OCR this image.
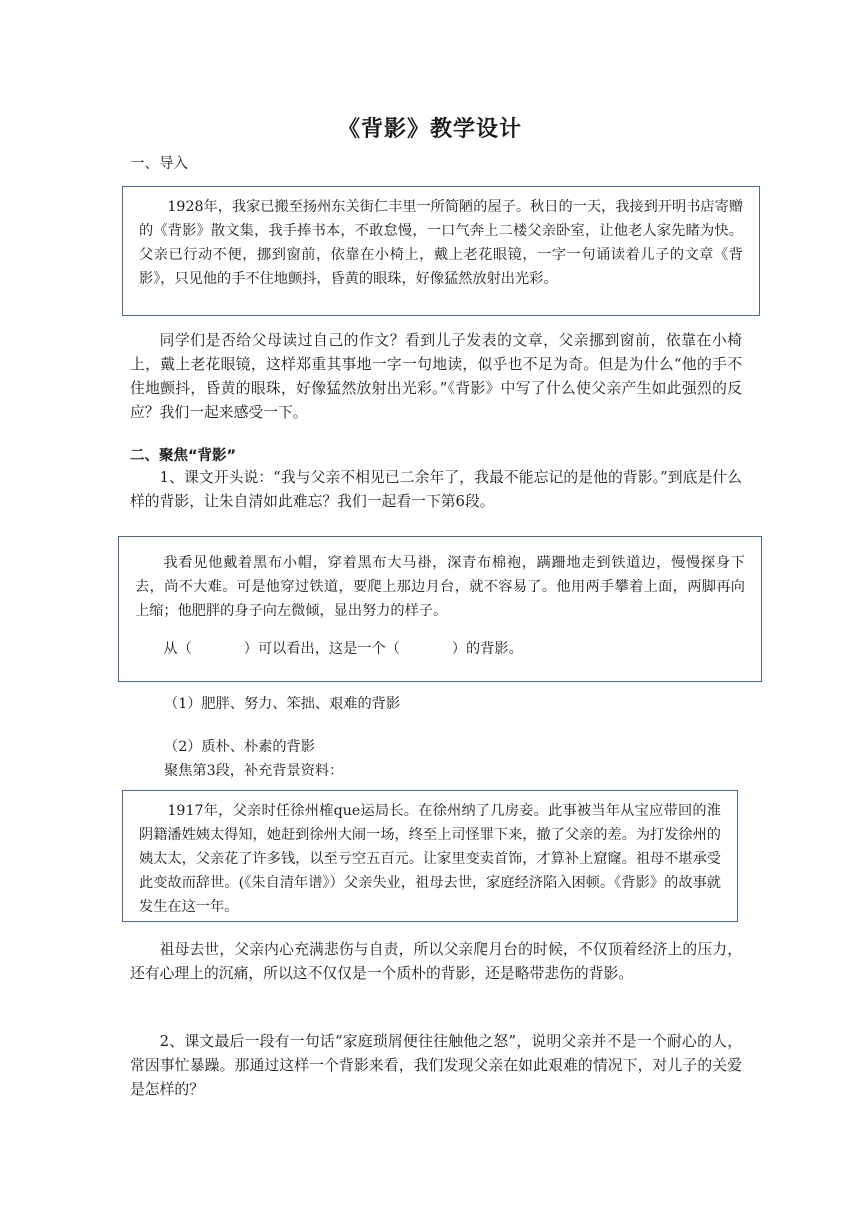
《背影》教学设计
一、导入

1928年，我家已搬至扬州东关街仁丰里一所简陋的屋子。秋日的一天，我接到开明书店寄赠的《背影》散文集，我手捧书本，不敢怠慢，一口气奔上二楼父亲卧室，让他老人家先睹为快。父亲已行动不便，挪到窗前，依靠在小椅上，戴上老花眼镜，一字一句诵读着儿子的文章《背影》，只见他的手不住地颤抖，昏黄的眼珠，好像猛然放射出光彩。

同学们是否给父母读过自己的作文？看到儿子发表的文章，父亲挪到窗前，依靠在小椅上，戴上老花眼镜，这样郑重其事地一字一句地读，似乎也不足为奇。但是为什么“他的手不住地颤抖，昏黄的眼珠，好像猛然放射出光彩。”《背影》中写了什么使父亲产生如此强烈的反应？我们一起来感受一下。

二、聚焦“背影”

1、课文开头说：“我与父亲不相见已二余年了，我最不能忘记的是他的背影。”到底是什么样的背影，让朱自清如此难忘？我们一起看一下第6段。

我看见他戴着黑布小帽，穿着黑布大马褂，深青布棉袍，蹒跚地走到铁道边，慢慢探身下去，尚不大难。可是他穿过铁道，要爬上那边月台，就不容易了。他用两手攀着上面，两脚再向上缩；他肥胖的身子向左微倾，显出努力的样子。

从（	）可以看出，这是一个（	）的背影。

（1）肥胖、努力、笨拙、艰难的背影
（2）质朴、朴素的背影
聚焦第3段，补充背景资料：

1917年，父亲时任徐州榷que运局长。在徐州纳了几房妾。此事被当年从宝应带回的淮阴籍潘姓姨太得知，她赶到徐州大闹一场，终至上司怪罪下来，撤了父亲的差。为打发徐州的姨太太，父亲花了许多钱，以至亏空五百元。让家里变卖首饰，才算补上窟窿。祖母不堪承受此变故而辞世。(《朱自清年谱》）父亲失业，祖母去世，家庭经济陷入困顿。《背影》的故事就发生在这一年。

祖母去世，父亲内心充满悲伤与自责，所以父亲爬月台的时候，不仅顶着经济上的压力，还有心理上的沉痛，所以这不仅仅是一个质朴的背影，还是略带悲伤的背影。

2、课文最后一段有一句话“家庭琐屑便往往触他之怒”，说明父亲并不是一个耐心的人，常因事忙暴躁。那通过这样一个背影来看，我们发现父亲在如此艰难的情况下，对儿子的关爱是怎样的？
